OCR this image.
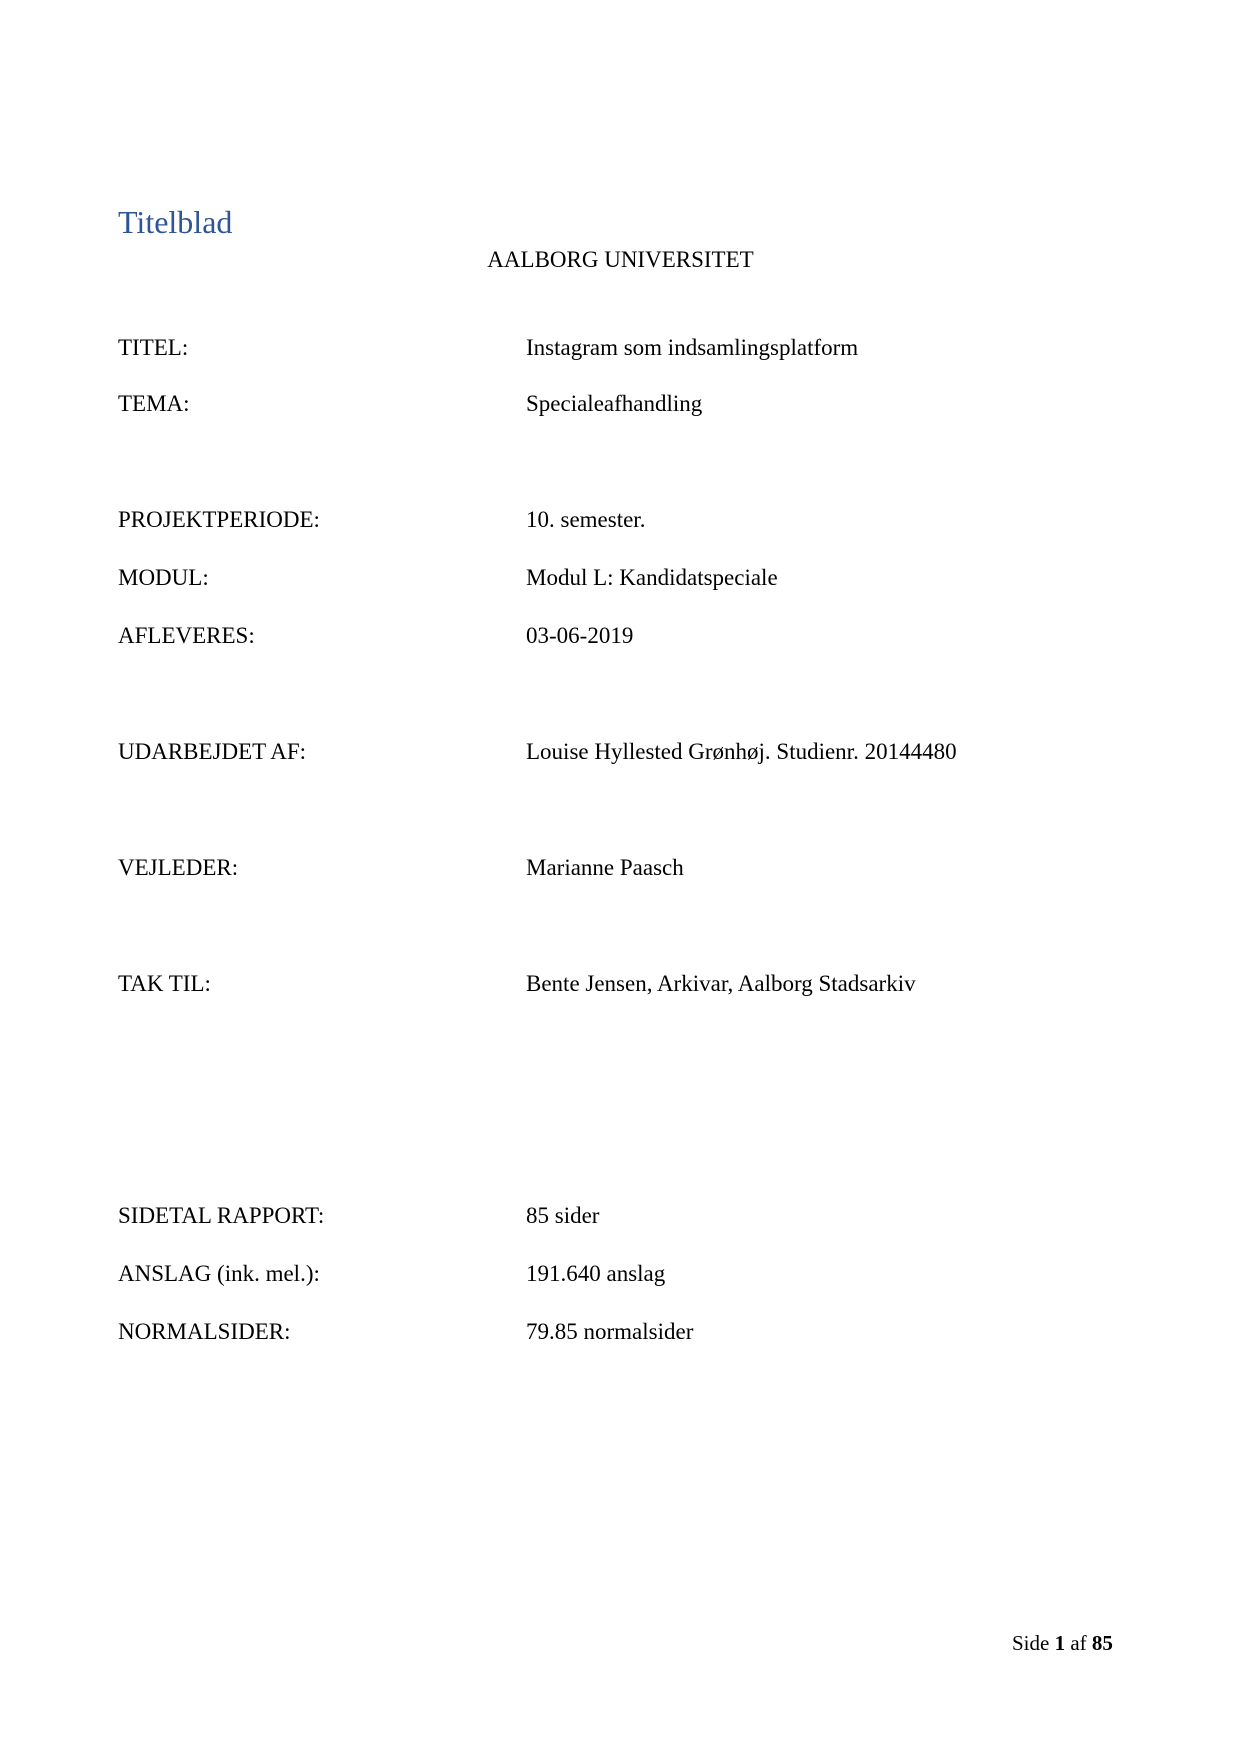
Titelblad
AALBORG UNIVERSITET
TITEL:	Instagram som indsamlingsplatform
TEMA:	Specialeafhandling
PROJEKTPERIODE:	10. semester.
MODUL:	Modul L: Kandidatspeciale
AFLEVERES:	03-06-2019
UDARBEJDET AF:	Louise Hyllested Grønhøj. Studienr. 20144480
VEJLEDER:	Marianne Paasch
TAK TIL:	Bente Jensen, Arkivar, Aalborg Stadsarkiv
SIDETAL RAPPORT:	85 sider
ANSLAG (ink. mel.):	191.640 anslag
NORMALSIDER:	79.85 normalsider
Side 1 af 85
